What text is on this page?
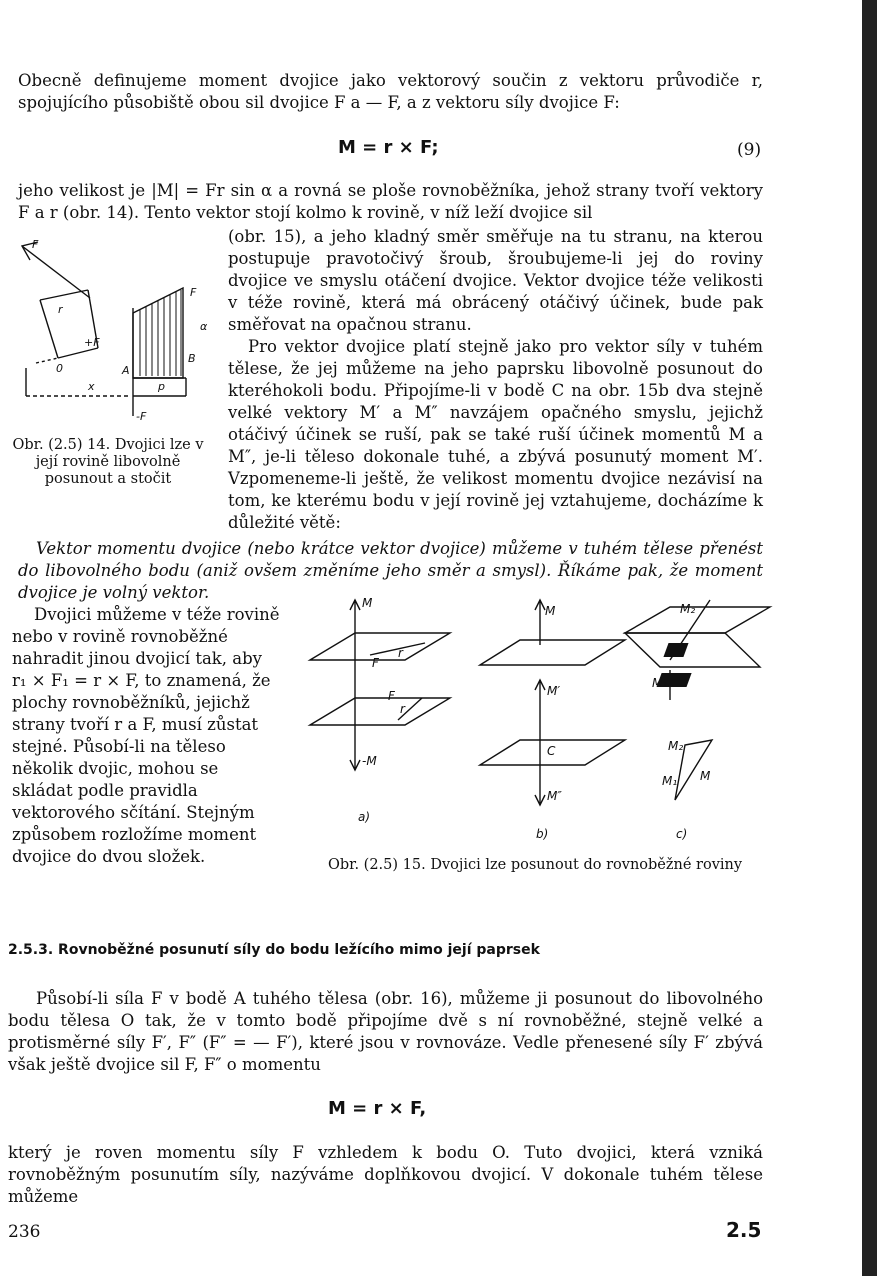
Obecně definujeme moment dvojice jako vektorový součin z vektoru průvodiče r, spojujícího působiště obou sil dvojice F a — F, a z vektoru síly dvojice F:

M = r × F;	(9)

jeho velikost je |M| = Fr sin α a rovná se ploše rovnoběžníka, jehož strany tvoří vektory F a r (obr. 14). Tento vektor stojí kolmo k rovině, v níž leží dvojice sil

F
r
+F
0
x
A
B
F
α
p
-F

(obr. 15), a jeho kladný směr směřuje na tu stranu, na kterou postupuje pravotočivý šroub, šroubujeme-li jej do roviny dvojice ve smyslu otáčení dvojice. Vektor dvojice téže velikosti v téže rovině, která má obrácený otáčivý účinek, bude pak směřovat na opačnou stranu.

Pro vektor dvojice platí stejně jako pro vektor síly v tuhém tělese, že jej můžeme na jeho paprsku libovolně posunout do kteréhokoli bodu. Připojíme-li v bodě C na obr. 15b dva stejně velké vektory M′ a M″ navzájem opačného smyslu, jejichž otáčivý účinek se ruší, pak se také ruší účinek momentů M a M″, je-li těleso dokonale tuhé, a zbývá posunutý moment M′. Vzpomeneme-li ještě, že velikost momentu dvojice nezávisí na tom, ke kterému bodu v její rovině jej vztahujeme, docházíme k důležité větě:

Obr. (2.5) 14. Dvojici lze v její rovině libovolně posunout a stočit

Vektor momentu dvojice (nebo krátce vektor dvojice) můžeme v tuhém tělese přenést do libovolného bodu (aniž ovšem změníme jeho směr a smysl). Říkáme pak, že moment dvojice je volný vektor.

Dvojici můžeme v téže rovině nebo v rovině rovnoběžné nahradit jinou dvojicí tak, aby r₁ × F₁ = r × F, to znamená, že plochy rovnoběžníků, jejichž strany tvoří r a F, musí zůstat stejné. Působí-li na těleso několik dvojic, mohou se skládat podle pravidla vektorového sčítání. Stejným způsobem rozložíme moment dvojice do dvou složek.

M
-M
F
r
F
r
M
M′
C
M″
M₂
M₁
M₂
M₁ M
a)
b)	c)

Obr. (2.5) 15. Dvojici lze posunout do rovnoběžné roviny

2.5.3. Rovnoběžné posunutí síly do bodu ležícího mimo její paprsek

Působí-li síla F v bodě A tuhého tělesa (obr. 16), můžeme ji posunout do libovolného bodu tělesa O tak, že v tomto bodě připojíme dvě s ní rovnoběžné, stejně velké a protisměrné síly F′, F″ (F″ = — F′), které jsou v rovnováze. Vedle přenesené síly F′ zbývá však ještě dvojice sil F, F″ o momentu

M = r × F,

který je roven momentu síly F vzhledem k bodu O. Tuto dvojici, která vzniká rovnoběžným posunutím síly, nazýváme doplňkovou dvojicí. V dokonale tuhém tělese můžeme

236	2.5
